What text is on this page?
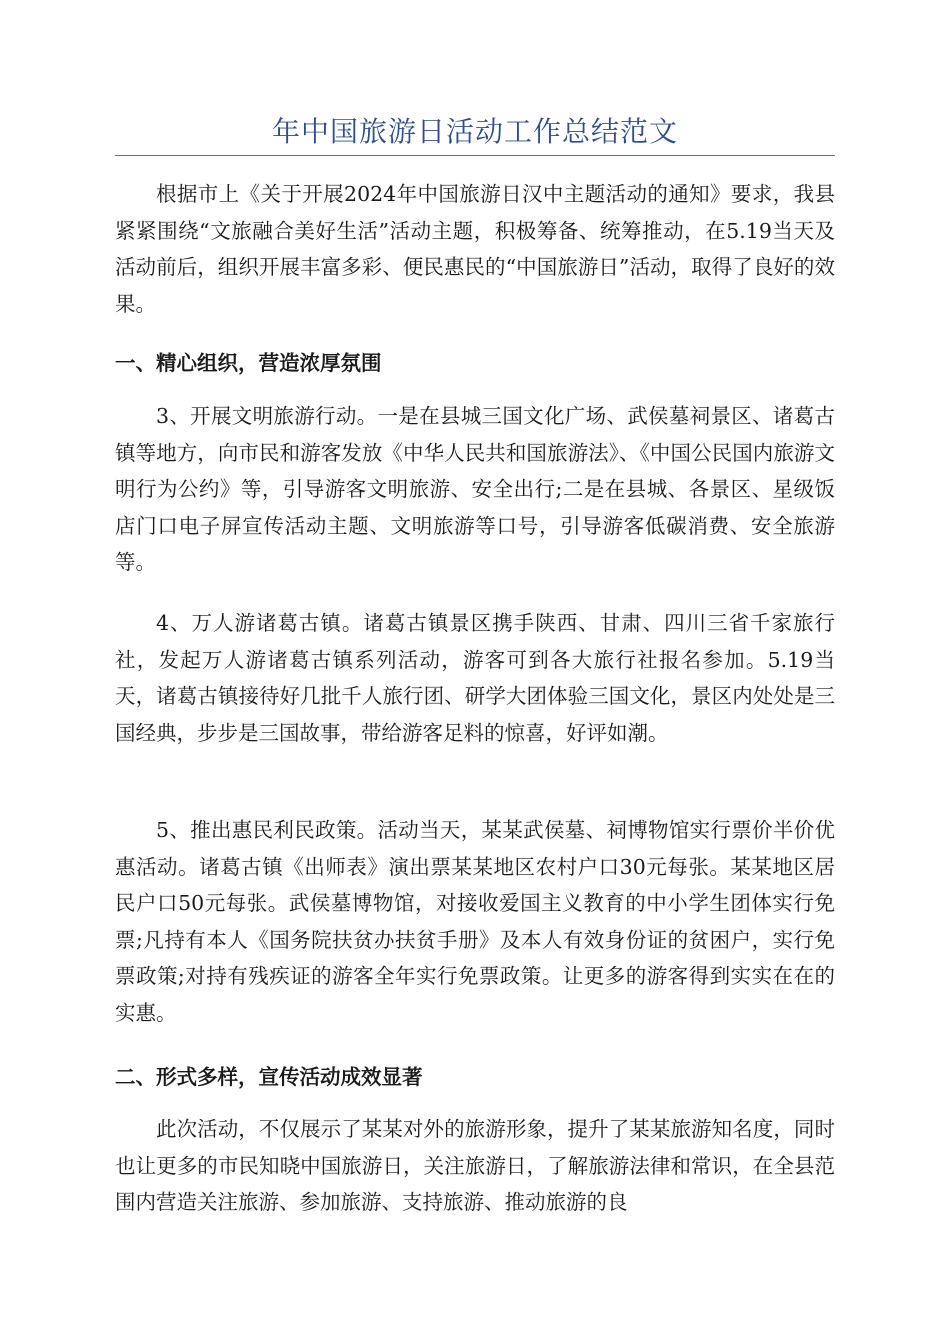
年中国旅游日活动工作总结范文

根据市上《关于开展2024年中国旅游日汉中主题活动的通知》要求，我县紧紧围绕“文旅融合美好生活”活动主题，积极筹备、统筹推动，在5.19当天及活动前后，组织开展丰富多彩、便民惠民的“中国旅游日”活动，取得了良好的效果。

一、精心组织，营造浓厚氛围

3、开展文明旅游行动。一是在县城三国文化广场、武侯墓祠景区、诸葛古镇等地方，向市民和游客发放《中华人民共和国旅游法》、《中国公民国内旅游文明行为公约》等，引导游客文明旅游、安全出行;二是在县城、各景区、星级饭店门口电子屏宣传活动主题、文明旅游等口号，引导游客低碳消费、安全旅游等。

4、万人游诸葛古镇。诸葛古镇景区携手陕西、甘肃、四川三省千家旅行社，发起万人游诸葛古镇系列活动，游客可到各大旅行社报名参加。5.19当天，诸葛古镇接待好几批千人旅行团、研学大团体验三国文化，景区内处处是三国经典，步步是三国故事，带给游客足料的惊喜，好评如潮。

5、推出惠民利民政策。活动当天，某某武侯墓、祠博物馆实行票价半价优惠活动。诸葛古镇《出师表》演出票某某地区农村户口30元每张。某某地区居民户口50元每张。武侯墓博物馆，对接收爱国主义教育的中小学生团体实行免票;凡持有本人《国务院扶贫办扶贫手册》及本人有效身份证的贫困户，实行免票政策;对持有残疾证的游客全年实行免票政策。让更多的游客得到实实在在的实惠。

二、形式多样，宣传活动成效显著

此次活动，不仅展示了某某对外的旅游形象，提升了某某旅游知名度，同时也让更多的市民知晓中国旅游日，关注旅游日，了解旅游法律和常识，在全县范围内营造关注旅游、参加旅游、支持旅游、推动旅游的良
